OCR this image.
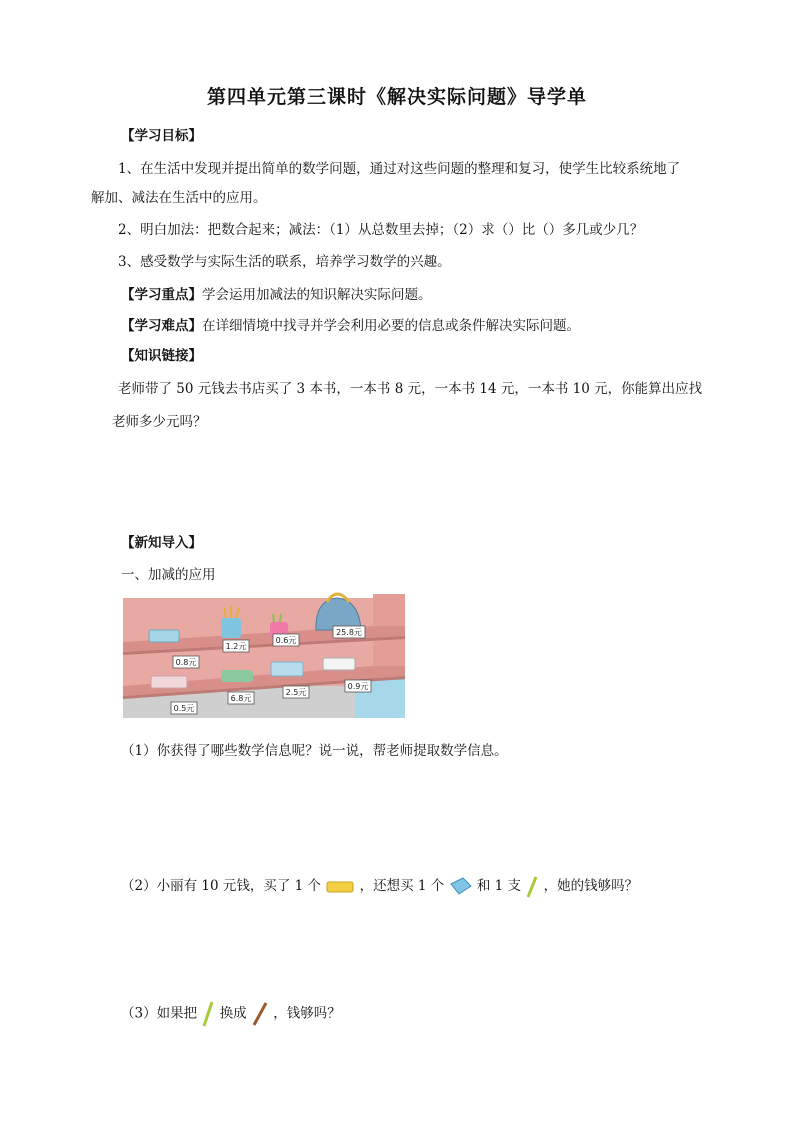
第四单元第三课时《解决实际问题》导学单
【学习目标】
1、在生活中发现并提出简单的数学问题，通过对这些问题的整理和复习，使学生比较系统地了
解加、减法在生活中的应用。
2、明白加法：把数合起来；减法：（1）从总数里去掉；（2）求（）比（）多几或少几？
3、感受数学与实际生活的联系，培养学习数学的兴趣。
【学习重点】学会运用加减法的知识解决实际问题。
【学习难点】在详细情境中找寻并学会利用必要的信息或条件解决实际问题。
【知识链接】
老师带了 50 元钱去书店买了 3 本书，一本书 8 元，一本书 14 元，一本书 10 元，你能算出应找
老师多少元吗？
【新知导入】
一、加减的应用
0.8元
1.2元
0.6元
25.8元
0.5元
6.8元
2.5元
0.9元
（1）你获得了哪些数学信息呢？说一说，帮老师提取数学信息。
（2）小丽有 10 元钱，买了 1 个	，还想买 1 个 和 1 支 ，她的钱够吗？
（3）如果把 换成 ，钱够吗？
